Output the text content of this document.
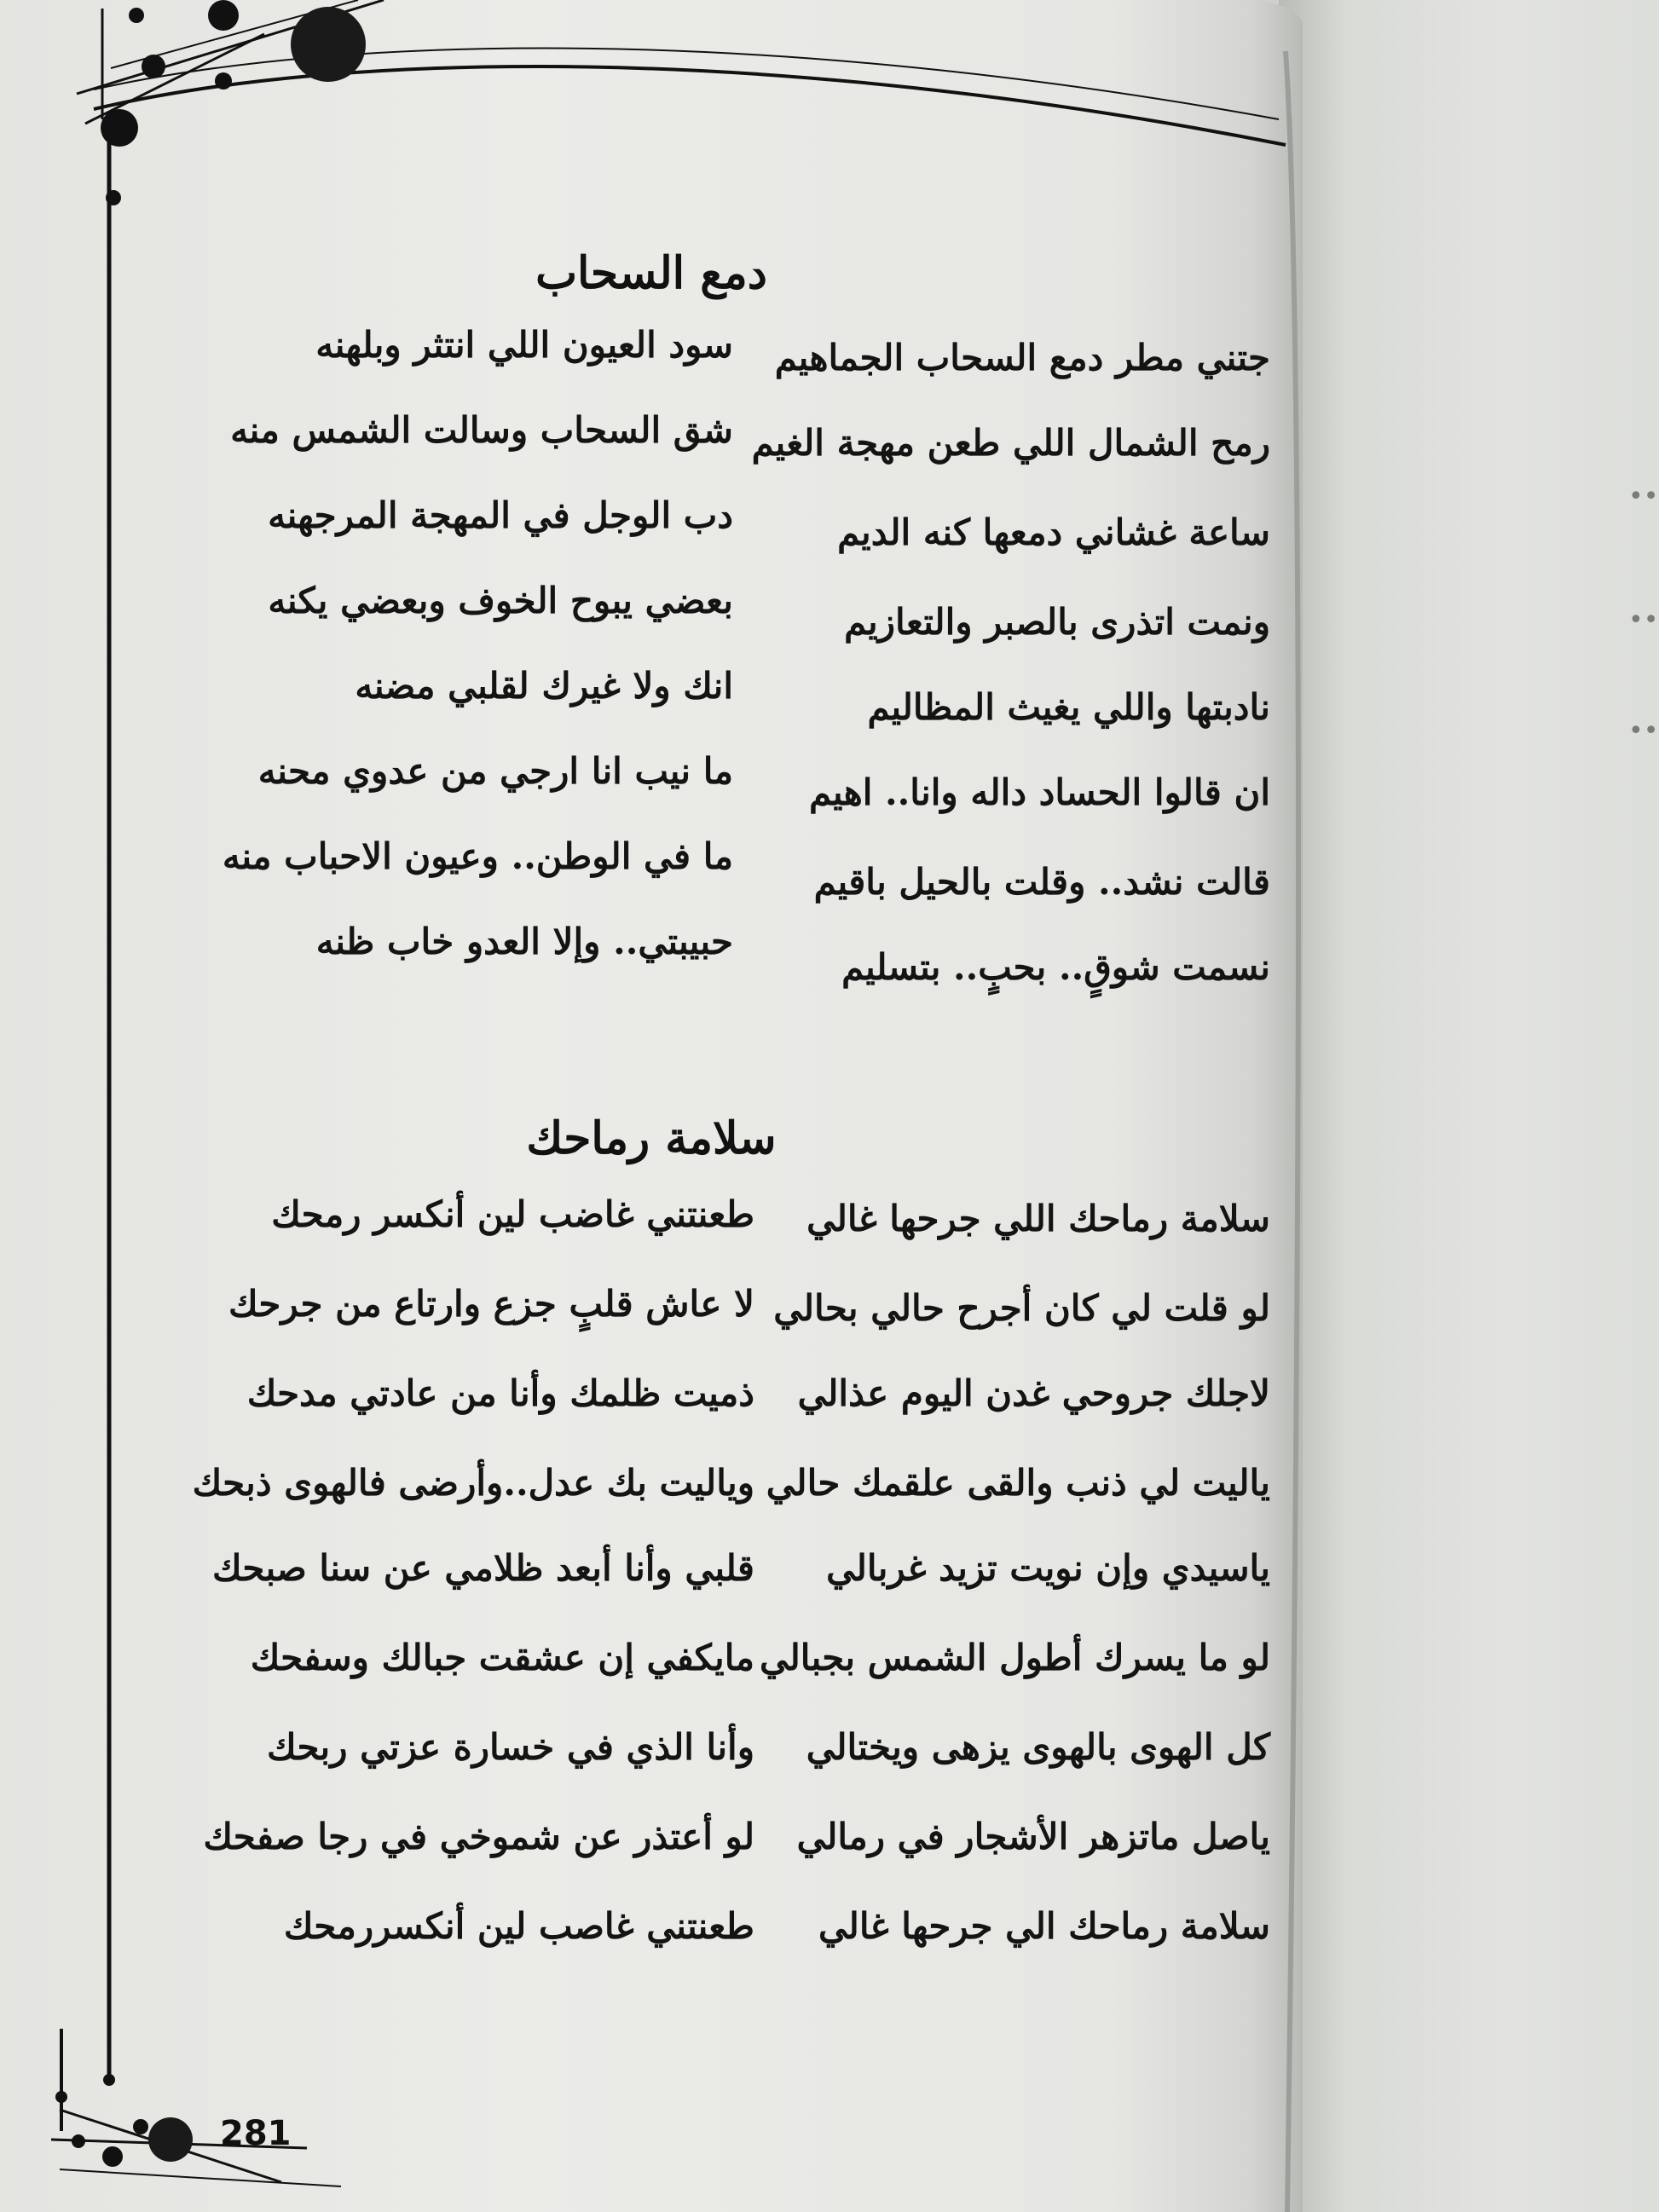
••
••
••
دمع السحاب
جتني مطر دمع السحاب الجماهيم
رمح الشمال اللي طعن مهجة الغيم
ساعة غشاني دمعها كنه الديم
ونمت اتذرى بالصبر والتعازيم
نادبتها واللي يغيث المظاليم
ان قالوا الحساد داله وانا.. اهيم
قالت نشد.. وقلت بالحيل باقيم
نسمت شوقٍ.. بحبٍ.. بتسليم
سود العيون اللي انتثر وبلهنه
شق السحاب وسالت الشمس منه
دب الوجل في المهجة المرجهنه
بعضي يبوح الخوف وبعضي يكنه
انك ولا غيرك لقلبي مضنه
ما نيب انا ارجي من عدوي محنه
ما في الوطن.. وعيون الاحباب منه
حبيبتي.. وإلا العدو خاب ظنه
سلامة رماحك
سلامة رماحك اللي جرحها غالي
لو قلت لي كان أجرح حالي بحالي
لاجلك جروحي غدن اليوم عذالي
ياليت لي ذنب والقى علقمك حالي
ياسيدي وإن نويت تزيد غربالي
لو ما يسرك أطول الشمس بجبالي
كل الهوى بالهوى يزهى ويختالي
ياصل ماتزهر الأشجار في رمالي
سلامة رماحك الي جرحها غالي
طعنتني غاضب لين أنكسر رمحك
لا عاش قلبٍ جزع وارتاع من جرحك
ذميت ظلمك وأنا من عادتي مدحك
وياليت بك عدل..وأرضى فالهوى ذبحك
قلبي وأنا أبعد ظلامي عن سنا صبحك
مايكفي إن عشقت جبالك وسفحك
وأنا الذي في خسارة عزتي ربحك
لو أعتذر عن شموخي في رجا صفحك
طعنتني غاصب لين أنكسررمحك
281
